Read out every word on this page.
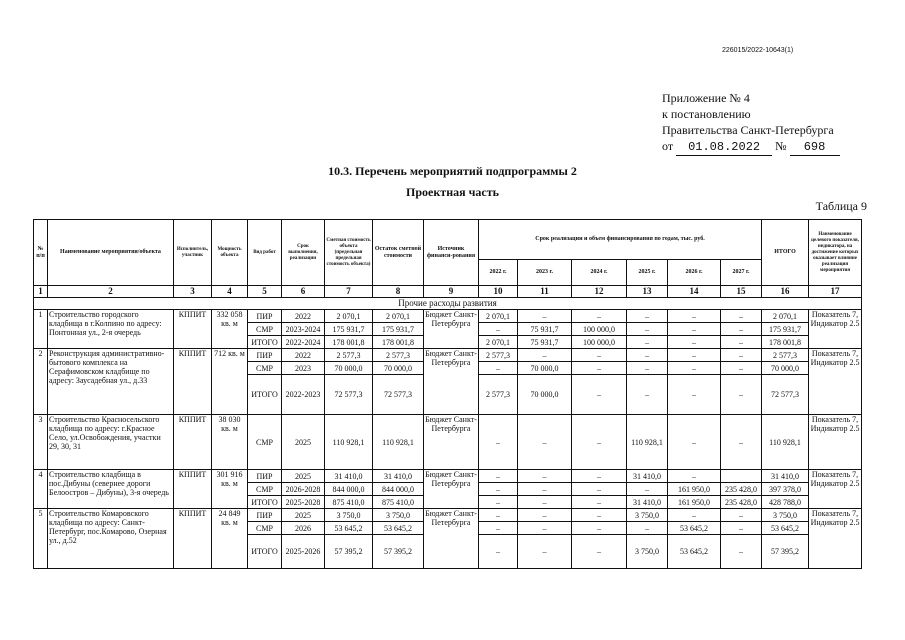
226015/2022-10643(1)
Приложение № 4
к постановлению
Правительства Санкт-Петербурга
от 01.08.2022 № 698
10.3. Перечень мероприятий подпрограммы 2
Проектная часть
Таблица 9
№ п/п	Наименование мероприятия/объекта	Исполнитель, участник	Мощность объекта	Вид работ	Срок выполнения, реализации	Сметная стоимость объекта (предельная предельная стоимость объекта)	Остаток сметной стоимости	Источник финанси-рования	Срок реализации и объем финансирования по годам, тыс. руб.						ИТОГО	Наименование целевого показателя, индикатора, на достижение которых оказывает влияние реализация мероприятия
									2022 г.	2023 г.	2024 г.	2025 г.	2026 г.	2027 г.		
1	2	3	4	5	6	7	8	9	10	11	12	13	14	15	16	17
Прочие расходы развития																
1	Строительство городского кладбища в г.Колпино по адресу: Понтонная ул., 2-я очередь	КППИТ	332 058 кв. м	ПИР	2022	2 070,1	2 070,1	Бюджет Санкт-Петербурга	2 070,1	–	–	–	–	–	2 070,1	Показатель 7, Индикатор 2.5
				СМР	2023-2024	175 931,7	175 931,7		–	75 931,7	100 000,0	–	–	–	175 931,7	
				ИТОГО	2022-2024	178 001,8	178 001,8		2 070,1	75 931,7	100 000,0	–	–	–	178 001,8	
2	Реконструкция административно-бытового комплекса на Серафимовском кладбище по адресу: Заусадебная ул., д.33	КППИТ	712 кв. м	ПИР	2022	2 577,3	2 577,3	Бюджет Санкт-Петербурга	2 577,3	–	–	–	–	–	2 577,3	Показатель 7, Индикатор 2.5
				СМР	2023	70 000,0	70 000,0		–	70 000,0	–	–	–	–	70 000,0	
				ИТОГО	2022-2023	72 577,3	72 577,3		2 577,3	70 000,0	–	–	–	–	72 577,3	
3	Строительство Красносельского кладбища по адресу: г.Красное Село, ул.Освобождения, участки 29, 30, 31	КППИТ	38 030 кв. м	СМР	2025	110 928,1	110 928,1	Бюджет Санкт-Петербурга	–	–	–	110 928,1	–	–	110 928,1	Показатель 7, Индикатор 2.5
4	Строительство кладбища в пос.Дибуны (севернее дороги Белоостров – Дибуны), 3-я очередь	КППИТ	301 916 кв. м	ПИР	2025	31 410,0	31 410,0	Бюджет Санкт-Петербурга	–	–	–	31 410,0	–		31 410,0	Показатель 7, Индикатор 2.5
				СМР	2026-2028	844 000,0	844 000,0		–	–	–	–	161 950,0	235 428,0	397 378,0	
				ИТОГО	2025-2028	875 410,0	875 410,0		–	–	–	31 410,0	161 950,0	235 428,0	428 788,0	
5	Строительство Комаровского кладбища по адресу: Санкт-Петербург, пос.Комарово, Озерная ул., д.52	КППИТ	24 849 кв. м	ПИР	2025	3 750,0	3 750,0	Бюджет Санкт-Петербурга	–	–	–	3 750,0	–	–	3 750,0	Показатель 7, Индикатор 2.5
				СМР	2026	53 645,2	53 645,2		–	–	–	–	53 645,2	–	53 645,2	
				ИТОГО	2025-2026	57 395,2	57 395,2		–	–	–	3 750,0	53 645,2	–	57 395,2	
